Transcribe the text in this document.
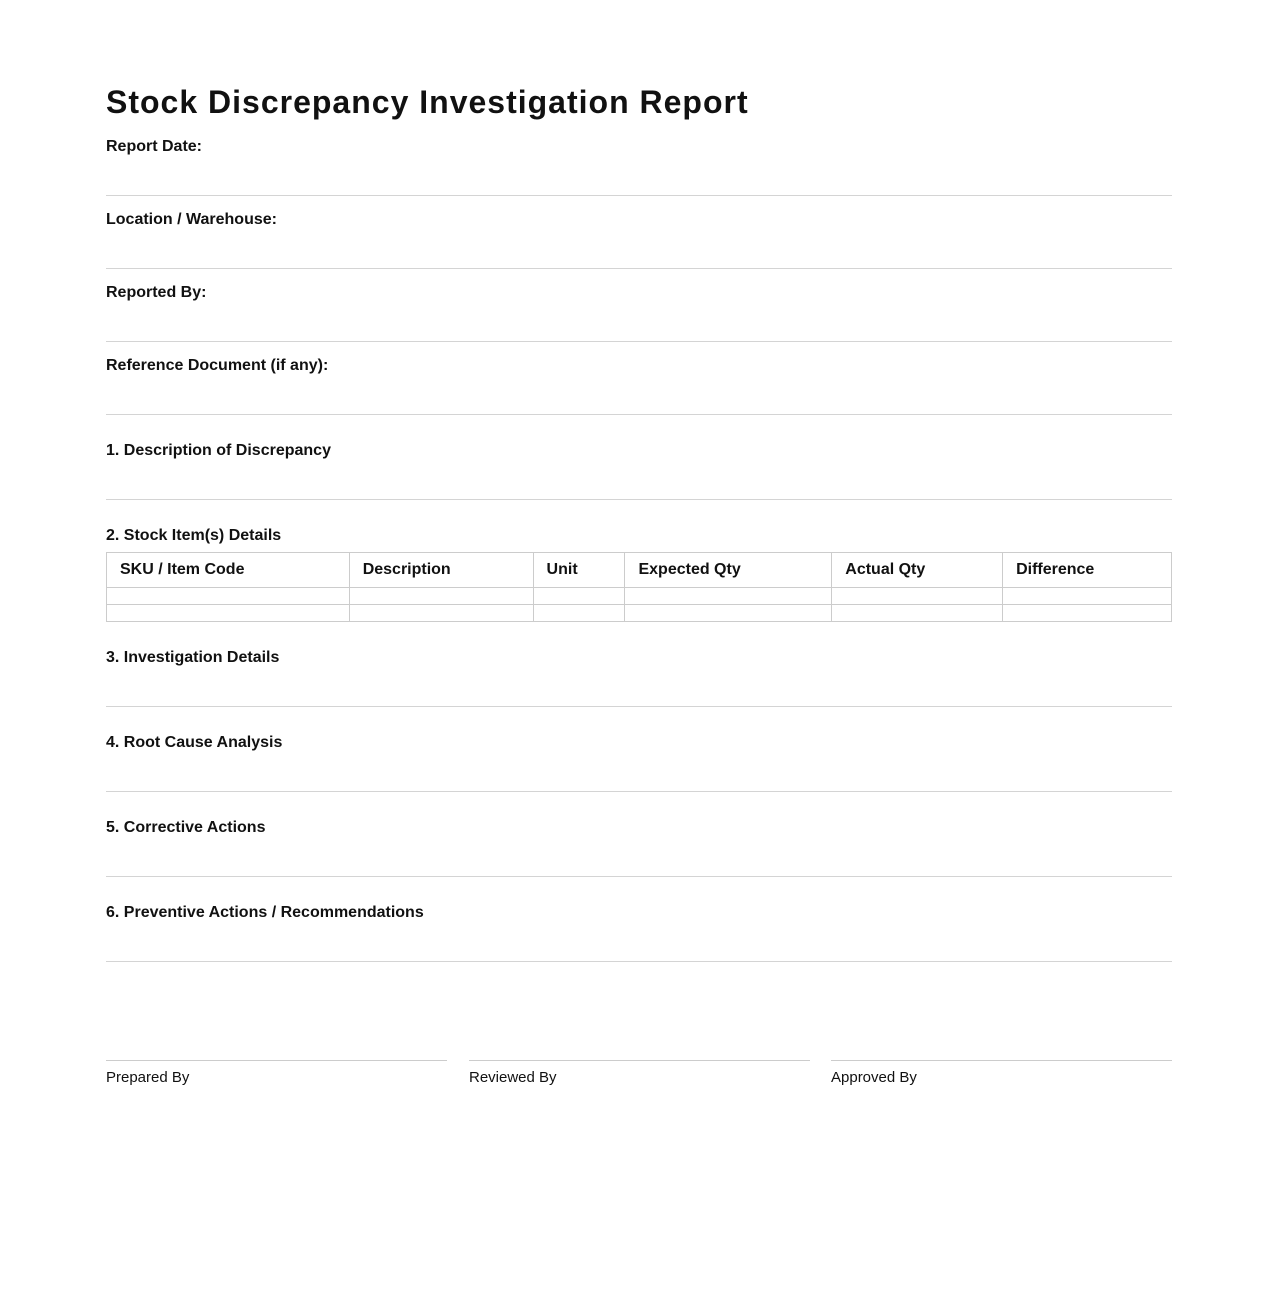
Stock Discrepancy Investigation Report
Report Date:
Location / Warehouse:
Reported By:
Reference Document (if any):
1. Description of Discrepancy
2. Stock Item(s) Details
SKU / Item Code	Description	Unit	Expected Qty	Actual Qty	Difference

3. Investigation Details
4. Root Cause Analysis
5. Corrective Actions
6. Preventive Actions / Recommendations
Prepared By	Reviewed By	Approved By
